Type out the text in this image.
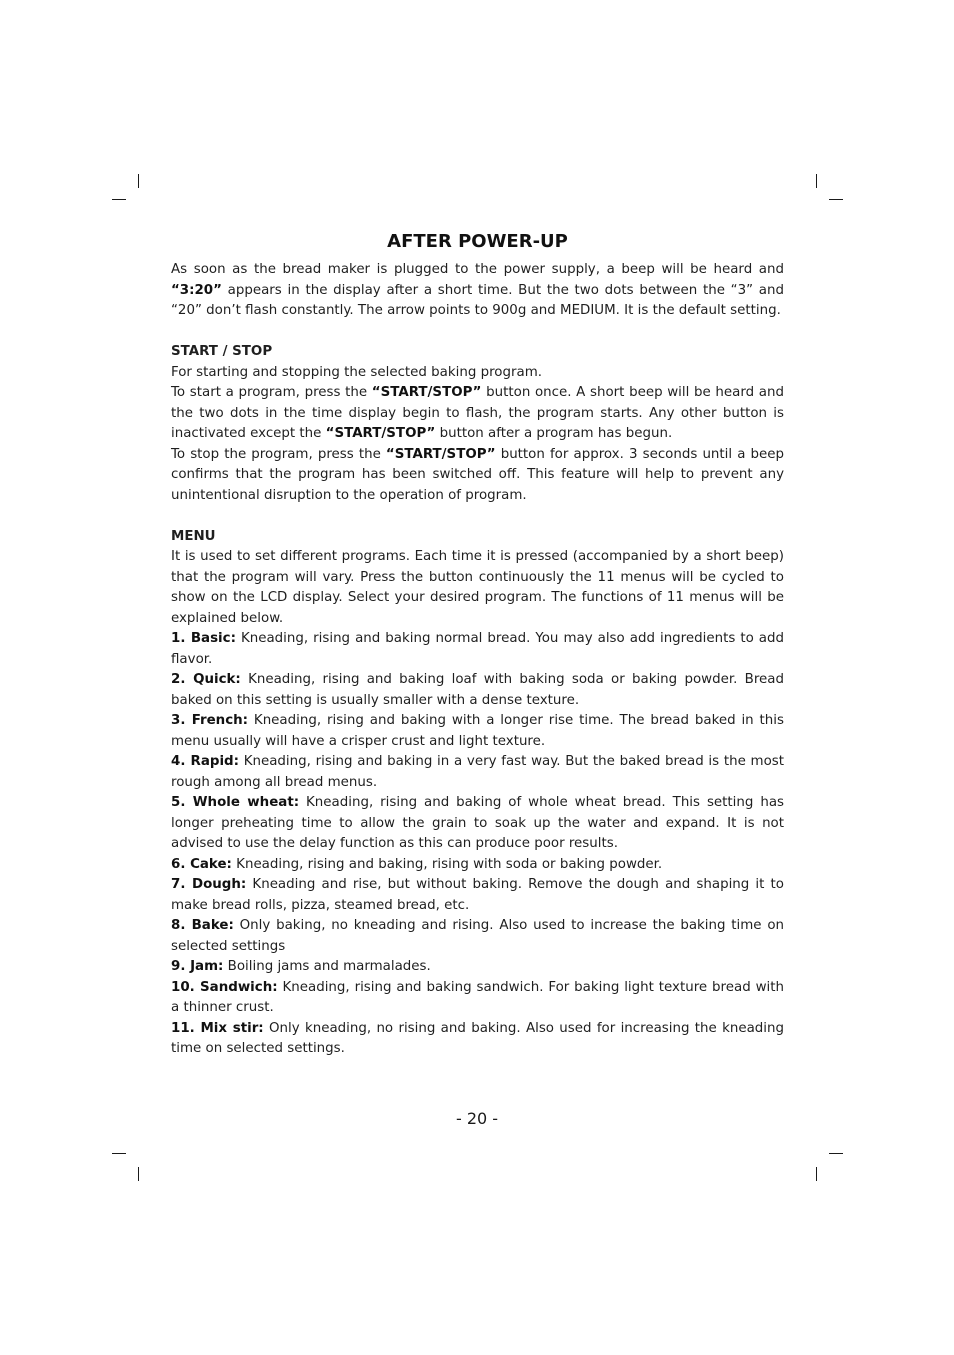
AFTER POWER-UP

As soon as the bread maker is plugged to the power supply, a beep will be heard and “3:20” appears in the display after a short time. But the two dots between the “3” and “20” don’t flash constantly. The arrow points to 900g and MEDIUM. It is the default setting.

START / STOP

For starting and stopping the selected baking program.

To start a program, press the “START/STOP” button once. A short beep will be heard and the two dots in the time display begin to flash, the program starts. Any other button is inactivated except the “START/STOP” button after a program has begun.

To stop the program, press the “START/STOP” button for approx. 3 seconds until a beep confirms that the program has been switched off. This feature will help to prevent any unintentional disruption to the operation of program.

MENU

It is used to set different programs. Each time it is pressed (accompanied by a short beep) that the program will vary. Press the button continuously the 11 menus will be cycled to show on the LCD display. Select your desired program. The functions of 11 menus will be explained below.

1. Basic: Kneading, rising and baking normal bread. You may also add ingredients to add flavor.

2. Quick: Kneading, rising and baking loaf with baking soda or baking powder. Bread baked on this setting is usually smaller with a dense texture.

3. French: Kneading, rising and baking with a longer rise time. The bread baked in this menu usually will have a crisper crust and light texture.

4. Rapid: Kneading, rising and baking in a very fast way. But the baked bread is the most rough among all bread menus.

5. Whole wheat: Kneading, rising and baking of whole wheat bread. This setting has longer preheating time to allow the grain to soak up the water and expand. It is not advised to use the delay function as this can produce poor results.

6. Cake: Kneading, rising and baking, rising with soda or baking powder.

7. Dough: Kneading and rise, but without baking. Remove the dough and shaping it to make bread rolls, pizza, steamed bread, etc.

8. Bake: Only baking, no kneading and rising. Also used to increase the baking time on selected settings

9. Jam: Boiling jams and marmalades.

10. Sandwich: Kneading, rising and baking sandwich. For baking light texture bread with a thinner crust.

11. Mix stir: Only kneading, no rising and baking. Also used for increasing the kneading time on selected settings.

- 20 -
